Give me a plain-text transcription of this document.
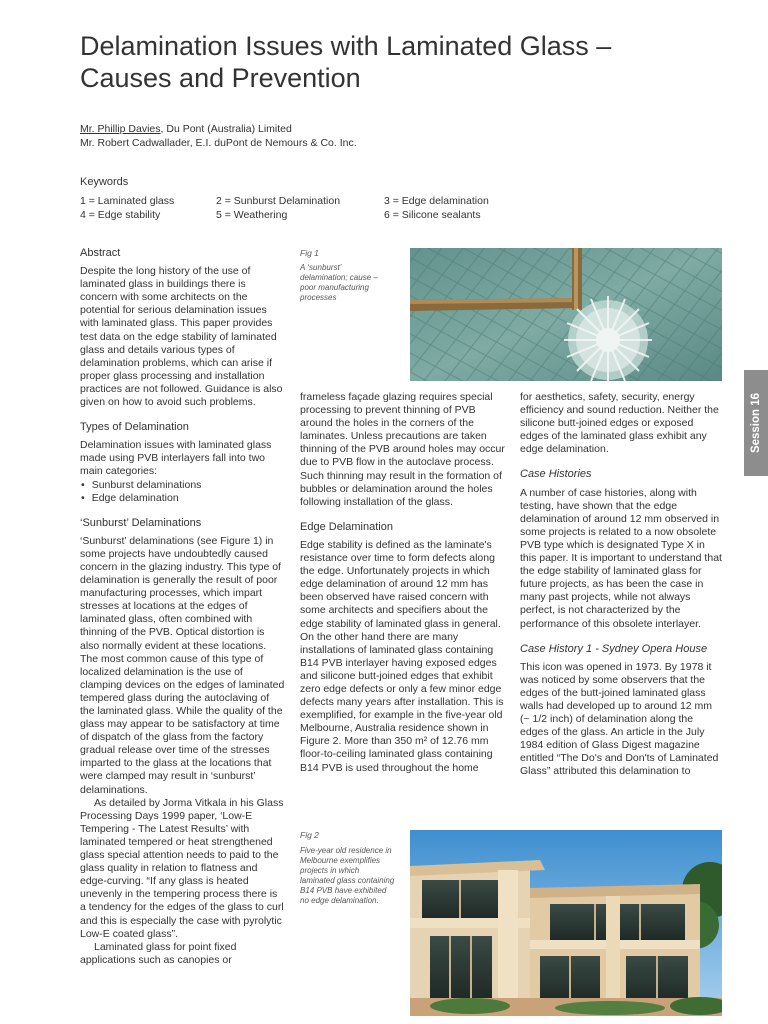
Delamination Issues with Laminated Glass –
Causes and Prevention
Mr. Phillip Davies, Du Pont (Australia) Limited
Mr. Robert Cadwallader, E.I. duPont de Nemours & Co. Inc.
Keywords
1 = Laminated glass	2 = Sunburst Delamination	3 = Edge delamination
4 = Edge stability	5 = Weathering	6 = Silicone sealants
Session 16

Abstract

Despite the long history of the use of laminated glass in buildings there is concern with some architects on the potential for serious delamination issues with laminated glass. This paper provides test data on the edge stability of laminated glass and details various types of delamination problems, which can arise if proper glass processing and installation practices are not followed. Guidance is also given on how to avoid such problems.

Types of Delamination

Delamination issues with laminated glass made using PVB interlayers fall into two main categories:

• Sunburst delaminations
• Edge delamination

‘Sunburst’ Delaminations

‘Sunburst’ delaminations (see Figure 1) in some projects have undoubtedly caused concern in the glazing industry. This type of delamination is generally the result of poor manufacturing processes, which impart stresses at locations at the edges of laminated glass, often combined with thinning of the PVB. Optical distortion is also normally evident at these locations. The most common cause of this type of localized delamination is the use of clamping devices on the edges of laminated tempered glass during the autoclaving of the laminated glass. While the quality of the glass may appear to be satisfactory at time of dispatch of the glass from the factory gradual release over time of the stresses imparted to the glass at the locations that were clamped may result in ‘sunburst’ delaminations.

As detailed by Jorma Vitkala in his Glass Processing Days 1999 paper, ‘Low-E Tempering - The Latest Results’ with laminated tempered or heat strengthened glass special attention needs to paid to the glass quality in relation to flatness and edge-curving. “If any glass is heated unevenly in the tempering process there is a tendency for the edges of the glass to curl and this is especially the case with pyrolytic Low-E coated glass”.

Laminated glass for point fixed applications such as canopies or

Fig 1
A ‘sunburst’ delamination; cause – poor manufacturing processes

frameless façade glazing requires special processing to prevent thinning of PVB around the holes in the corners of the laminates. Unless precautions are taken thinning of the PVB around holes may occur due to PVB flow in the autoclave process. Such thinning may result in the formation of bubbles or delamination around the holes following installation of the glass.

Edge Delamination

Edge stability is defined as the laminate's resistance over time to form defects along the edge. Unfortunately projects in which edge delamination of around 12 mm has been observed have raised concern with some architects and specifiers about the edge stability of laminated glass in general. On the other hand there are many installations of laminated glass containing B14 PVB interlayer having exposed edges and silicone butt-joined edges that exhibit zero edge defects or only a few minor edge defects many years after installation. This is exemplified, for example in the five-year old Melbourne, Australia residence shown in Figure 2. More than 350 m² of 12.76 mm floor-to-ceiling laminated glass containing B14 PVB is used throughout the home

for aesthetics, safety, security, energy efficiency and sound reduction. Neither the silicone butt-joined edges or exposed edges of the laminated glass exhibit any edge delamination.

Case Histories

A number of case histories, along with testing, have shown that the edge delamination of around 12 mm observed in some projects is related to a now obsolete PVB type which is designated Type X in this paper. It is important to understand that the edge stability of laminated glass for future projects, as has been the case in many past projects, while not always perfect, is not characterized by the performance of this obsolete interlayer.

Case History 1 - Sydney Opera House

This icon was opened in 1973. By 1978 it was noticed by some observers that the edges of the butt-joined laminated glass walls had developed up to around 12 mm (~ 1/2 inch) of delamination along the edges of the glass. An article in the July 1984 edition of Glass Digest magazine entitled “The Do's and Don'ts of Laminated Glass” attributed this delamination to

Fig 2
Five-year old residence in Melbourne exemplifies projects in which laminated glass containing B14 PVB have exhibited no edge delamination.
